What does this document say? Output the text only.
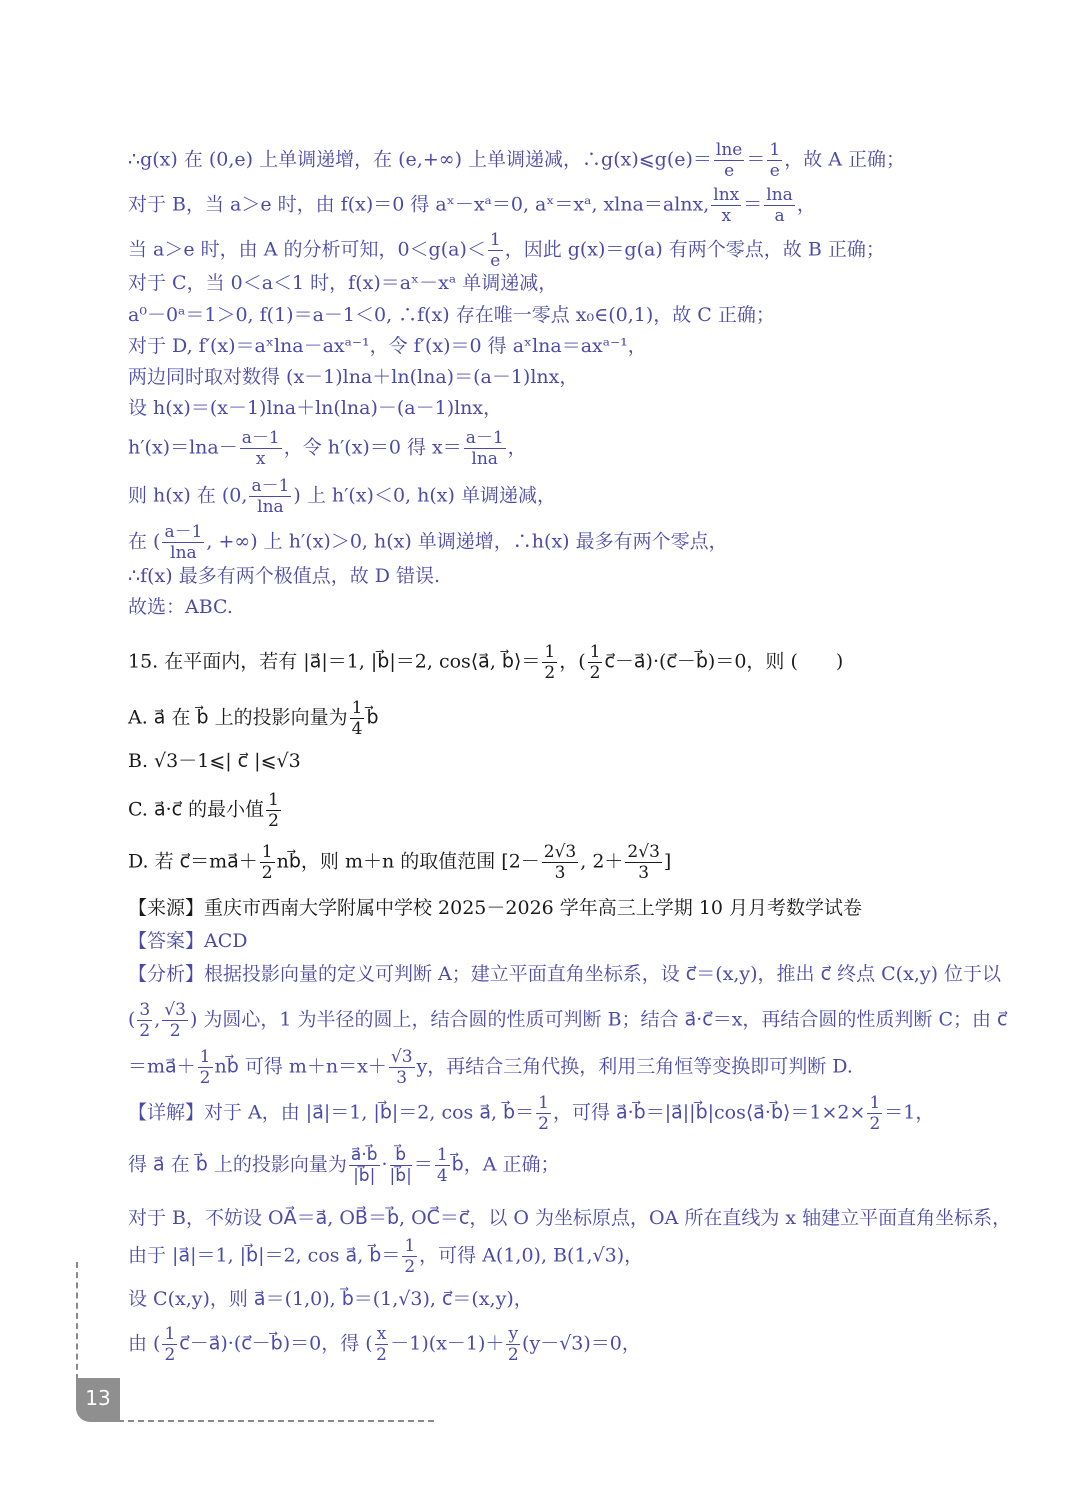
∴g(x) 在 (0,e) 上单调递增，在 (e,+∞) 上单调递减，∴g(x)⩽g(e)＝ $\frac{\ln e}{e} = \frac{1}{e}$ ，故 A 正确；
对于 B，当 a＞e 时，由 f(x)＝0 得 aˣ－xᵃ＝0, aˣ＝xᵃ, xlna＝alnx, $\frac{\ln x}{x} = \frac{\ln a}{a}$ ，
当 a＞e 时，由 A 的分析可知，$0<g(a)< \frac{1}{e}$ ，因此 g(x)＝g(a) 有两个零点，故 B 正确；
对于 C，当 0＜a＜1 时，f(x)＝aˣ－xᵃ 单调递减，
a⁰－0ᵃ＝1＞0, f(1)＝a－1＜0, ∴f(x) 存在唯一零点 x₀∈(0,1)，故 C 正确；
对于 D, f′(x)＝aˣlna－axᵃ⁻¹，令 f′(x)＝0 得 aˣlna＝axᵃ⁻¹，
两边同时取对数得 (x－1)lna＋ln(lna)＝(a－1)lnx，
设 h(x)＝(x－1)lna＋ln(lna)－(a－1)lnx，
$h'(x)=\ln a- \frac{a-1}{x}$ ，令 h′(x)＝0 得 $x= \frac{a-1}{\ln a}$ ，
则 h(x) 在 (0, $\frac{a-1}{\ln a}$ ) 上 h′(x)＜0, h(x) 单调递减，
在 ( $\frac{a-1}{\ln a}$ , +∞) 上 h′(x)＞0, h(x) 单调递增，∴h(x) 最多有两个零点，
∴f(x) 最多有两个极值点，故 D 错误.
故选：ABC.
15. 在平面内，若有 |a⃗|＝1, |b⃗|＝2, cos⟨a⃗, b⃗⟩＝ $\frac{1}{2}$ ，( $\frac{1}{2}$ c⃗－a⃗)·(c⃗－b⃗)＝0，则 (　　)
A. a⃗ 在 b⃗ 上的投影向量为 $\frac{1}{4}$ b⃗
B. √3－1⩽| c⃗ |⩽√3
C. a⃗·c⃗ 的最小值 $\frac{1}{2}$
D. 若 c⃗＝ma⃗＋ $\frac{1}{2}$ nb⃗，则 m＋n 的取值范围 [$2- \frac{2√3}{3}$ , $2+ \frac{2√3}{3}$ ]
【来源】重庆市西南大学附属中学校 2025－2026 学年高三上学期 10 月月考数学试卷
【答案】ACD
【分析】根据投影向量的定义可判断 A；建立平面直角坐标系，设 c⃗＝(x,y)，推出 c⃗ 终点 C(x,y) 位于以
( $\frac{3}{2}$ , $\frac{√3}{2}$ ) 为圆心，1 为半径的圆上，结合圆的性质可判断 B；结合 a⃗·c⃗＝x，再结合圆的性质判断 C；由 c⃗
＝ma⃗＋ $\frac{1}{2}$ nb⃗ 可得 $m+n=x+ \frac{√3}{3}$ y，再结合三角代换，利用三角恒等变换即可判断 D.
【详解】对于 A，由 |a⃗|＝1, |b⃗|＝2, cos a⃗, b⃗＝ $\frac{1}{2}$ ，可得 a⃗·b⃗＝|a⃗||b⃗|cos⟨a⃗·b⃗⟩＝1×2× $\frac{1}{2} =1$，
得 a⃗ 在 b⃗ 上的投影向量为 $\frac{a⃗\cdot b⃗}{|b⃗|} \cdot \frac{b⃗}{|b⃗|} = \frac{1}{4}$ b⃗，A 正确；
对于 B，不妨设 OA⃗＝a⃗, OB⃗＝b⃗, OC⃗＝c⃗，以 O 为坐标原点，OA 所在直线为 x 轴建立平面直角坐标系，
由于 |a⃗|＝1, |b⃗|＝2, cos a⃗, b⃗＝ $\frac{1}{2}$ ，可得 A(1,0), B(1,√3)，
设 C(x,y)，则 a⃗＝(1,0), b⃗＝(1,√3), c⃗＝(x,y)，
由 ( $\frac{1}{2}$ c⃗－a⃗)·(c⃗－b⃗)＝0，得 ( $\frac{x}{2} -1)(x-1)+ \frac{y}{2} (y-√3)=0$，
13
